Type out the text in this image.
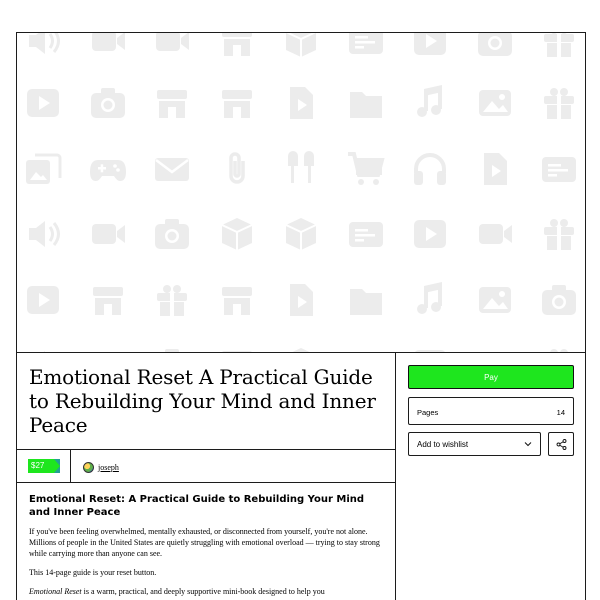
Emotional Reset A Practical Guide to Rebuilding Your Mind and Inner Peace
$27	joseph
Emotional Reset: A Practical Guide to Rebuilding Your Mind and Inner Peace

If you've been feeling overwhelmed, mentally exhausted, or disconnected from yourself, you're not alone. Millions of people in the United States are quietly struggling with emotional overload — trying to stay strong while carrying more than anyone can see.

This 14-page guide is your reset button.

Emotional Reset is a warm, practical, and deeply supportive mini-book designed to help you

Pay
Pages	14
Add to wishlist
